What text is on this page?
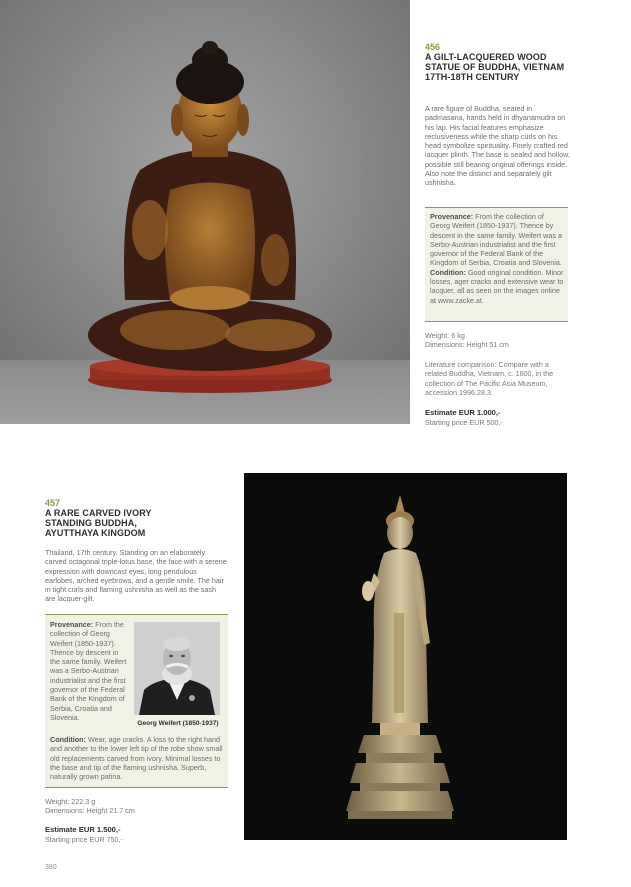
456
A GILT-LACQUERED WOOD STATUE OF BUDDHA, VIETNAM 17TH-18TH CENTURY
A rare figure of Buddha, seated in padmasana, hands held in dhyanamudra on his lap. His facial features emphasize reclusiveness while the sharp curls on his head symbolize spirituality. Finely crafted red lacquer plinth. The base is sealed and hollow, possible still bearing original offerings inside. Also note the distinct and separately gilt ushnisha.
Provenance: From the collection of Georg Weifert (1850-1937). Thence by descent in the same family. Weifert was a Serbo-Austrian industrialist and the first governor of the Federal Bank of the Kingdom of Serbia, Croatia and Slovenia.
Condition: Good original condition. Minor losses, ager cracks and extensive wear to lacquer, all as seen on the images online at www.zacke.at.
Weight: 6 kg
Dimensions: Height 51 cm
Literature comparison: Compare with a related Buddha, Vietnam, c. 1600, in the collection of The Pacific Asia Museum, accession 1996.28.3.
Estimate EUR 1.000,-
Starting price EUR 500,-
457
A RARE CARVED IVORY STANDING BUDDHA, AYUTTHAYA KINGDOM
Thailand, 17th century. Standing on an elaborately carved octagonal triple-lotus base, the face with a serene expression with downcast eyes, long pendulous earlobes, arched eyebrows, and a gentle smile. The hair in tight curls and flaming ushnisha as well as the sash are lacquer-gilt.
Provenance: From the collection of Georg Weifert (1850-1937). Thence by descent in the same family. Weifert was a Serbo-Austrian industrialist and the first governor of the Federal Bank of the Kingdom of Serbia, Croatia and Slovenia.
Condition: Wear, age cracks. A loss to the right hand and another to the lower left tip of the robe show small old replacements carved from ivory. Minimal losses to the base and tip of the flaming ushnisha. Superb, naturally grown patina.
Georg Weifert (1850-1937)
Weight: 222.3 g
Dimensions: Height 21.7 cm
Estimate EUR 1.500,-
Starting price EUR 750,-
380
